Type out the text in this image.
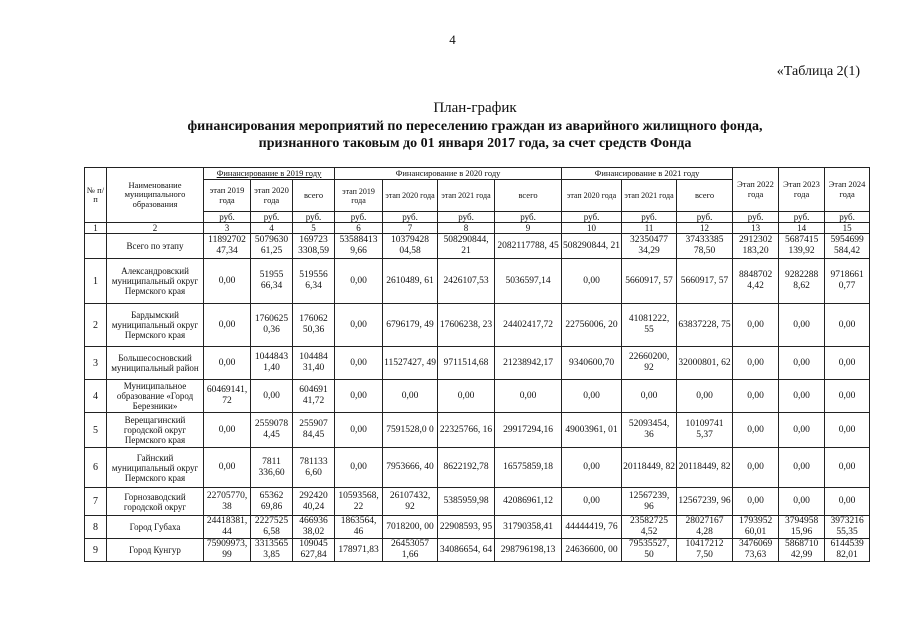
4
«Таблица 2(1)
План-график
финансирования мероприятий по переселению граждан из аварийного жилищного фонда,
признанного таковым до 01 января 2017 года, за счет средств Фонда
№ п/п	Наименование муниципального образования	Финансирование в 2019 году			Финансирование в 2020 году				Финансирование в 2021 году			Этап 2022 года	Этап 2023 года	Этап 2024 года
		этап 2019 года	этап 2020 года	всего	этап 2019 года	этап 2020 года	этап 2021 года	всего	этап 2020 года	этап 2021 года	всего			
		руб.	руб.	руб.	руб.	руб.	руб.	руб.	руб.	руб.	руб.	руб.	руб.	руб.
1	2	3	4	5	6	7	8	9	10	11	12	13	14	15
	Всего по этапу	11892702 47,34	5079630 61,25	169723 3308,59	53588413 9,66	10379428 04,58	508290844, 21	2082117788, 45	508290844, 21	32350477 34,29	37433385 78,50	2912302 183,20	5687415 139,92	5954699 584,42
1	Александровский муниципальный округ Пермского края	0,00	51955 66,34	519556 6,34	0,00	2610489, 61	2426107,53	5036597,14	0,00	5660917, 57	5660917, 57	8848702 4,42	9282288 8,62	9718661 0,77
2	Бардымский муниципальный округ Пермского края	0,00	1760625 0,36	176062 50,36	0,00	6796179, 49	17606238, 23	24402417,72	22756006, 20	41081222, 55	63837228, 75	0,00	0,00	0,00
3	Большесосновский муниципальный район	0,00	1044843 1,40	104484 31,40	0,00	11527427, 49	9711514,68	21238942,17	9340600,70	22660200, 92	32000801, 62	0,00	0,00	0,00
4	Муниципальное образование «Город Березники»	60469141, 72	0,00	604691 41,72	0,00	0,00	0,00	0,00	0,00	0,00	0,00	0,00	0,00	0,00
5	Верещагинский городской округ Пермского края	0,00	2559078 4,45	255907 84,45	0,00	7591528,0 0	22325766, 16	29917294,16	49003961, 01	52093454, 36	10109741 5,37	0,00	0,00	0,00
6	Гайнский муниципальный округ Пермского края	0,00	7811 336,60	781133 6,60	0,00	7953666, 40	8622192,78	16575859,18	0,00	20118449, 82	20118449, 82	0,00	0,00	0,00
7	Горнозаводский городской округ	22705770, 38	65362 69,86	292420 40,24	10593568, 22	26107432, 92	5385959,98	42086961,12	0,00	12567239, 96	12567239, 96	0,00	0,00	0,00
8	Город Губаха	24418381, 44	2227525 6,58	466936 38,02	1863564, 46	7018200, 00	22908593, 95	31790358,41	44444419, 76	23582725 4,52	28027167 4,28	1793952 60,01	3794958 15,96	3973216 55,35
9	Город Кунгур	75909973, 99	3313565 3,85	109045 627,84	178971,83	26453057 1,66	34086654, 64	298796198,13	24636600, 00	79535527, 50	10417212 7,50	3476069 73,63	5868710 42,99	6144539 82,01
